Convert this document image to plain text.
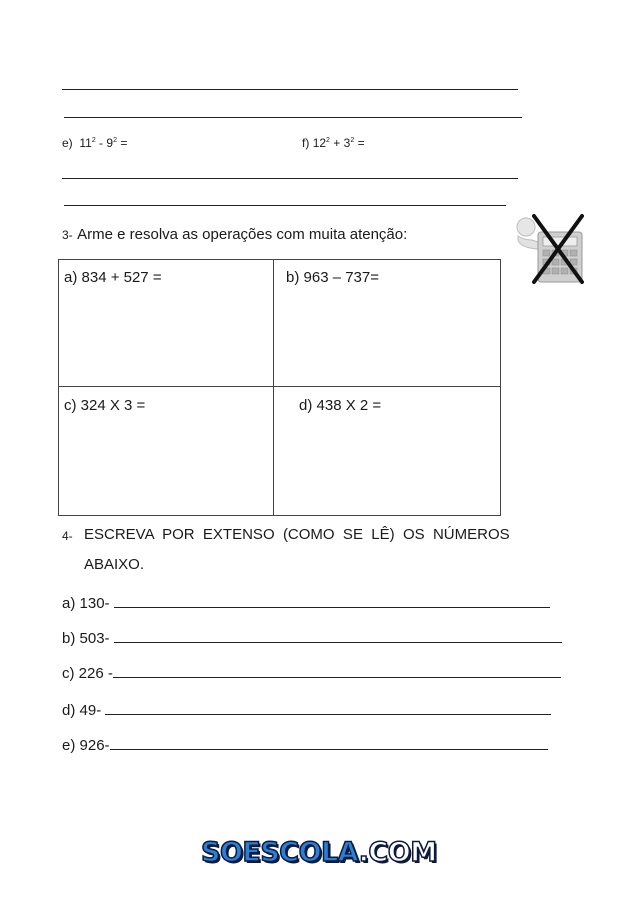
e) $11^2 - 9^2$ =	f) $12^2 + 3^2$ =
3- Arme e resolva as operações com muita atenção:
a) 834 + 527 =	b) 963 – 737=
c) 324 X 3 =	d) 438 X 2 =
4- ESCREVA  POR  EXTENSO  (COMO  SE  LÊ)  OS  NÚMEROS
ABAIXO.
a) 130-
b) 503-
c) 226 -
d) 49-
e) 926-
SOESCOLA.COM
